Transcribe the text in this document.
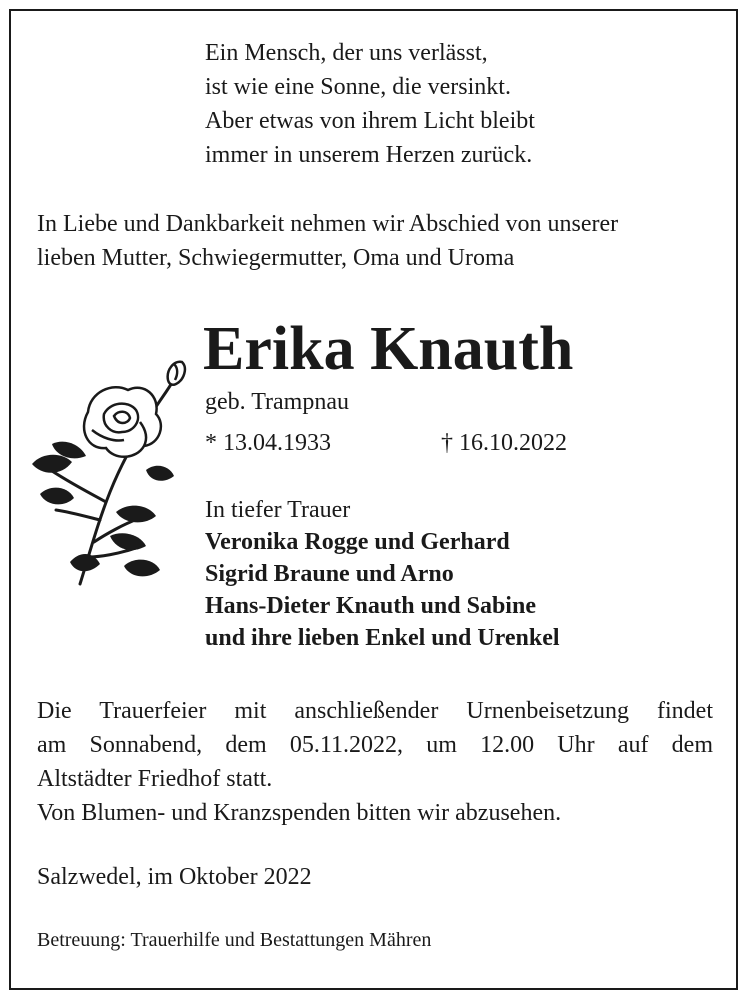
Ein Mensch, der uns verlässt,
ist wie eine Sonne, die versinkt.
Aber etwas von ihrem Licht bleibt
immer in unserem Herzen zurück.
In Liebe und Dankbarkeit nehmen wir Abschied von unserer
lieben Mutter, Schwiegermutter, Oma und Uroma
Erika Knauth
geb. Trampnau
* 13.04.1933	† 16.10.2022
In tiefer Trauer
Veronika Rogge und Gerhard
Sigrid Braune und Arno
Hans-Dieter Knauth und Sabine
und ihre lieben Enkel und Urenkel
Die Trauerfeier mit anschließender Urnenbeisetzung findet
am Sonnabend, dem 05.11.2022, um 12.00 Uhr auf dem
Altstädter Friedhof statt.
Von Blumen- und Kranzspenden bitten wir abzusehen.
Salzwedel, im Oktober 2022
Betreuung: Trauerhilfe und Bestattungen Mähren
